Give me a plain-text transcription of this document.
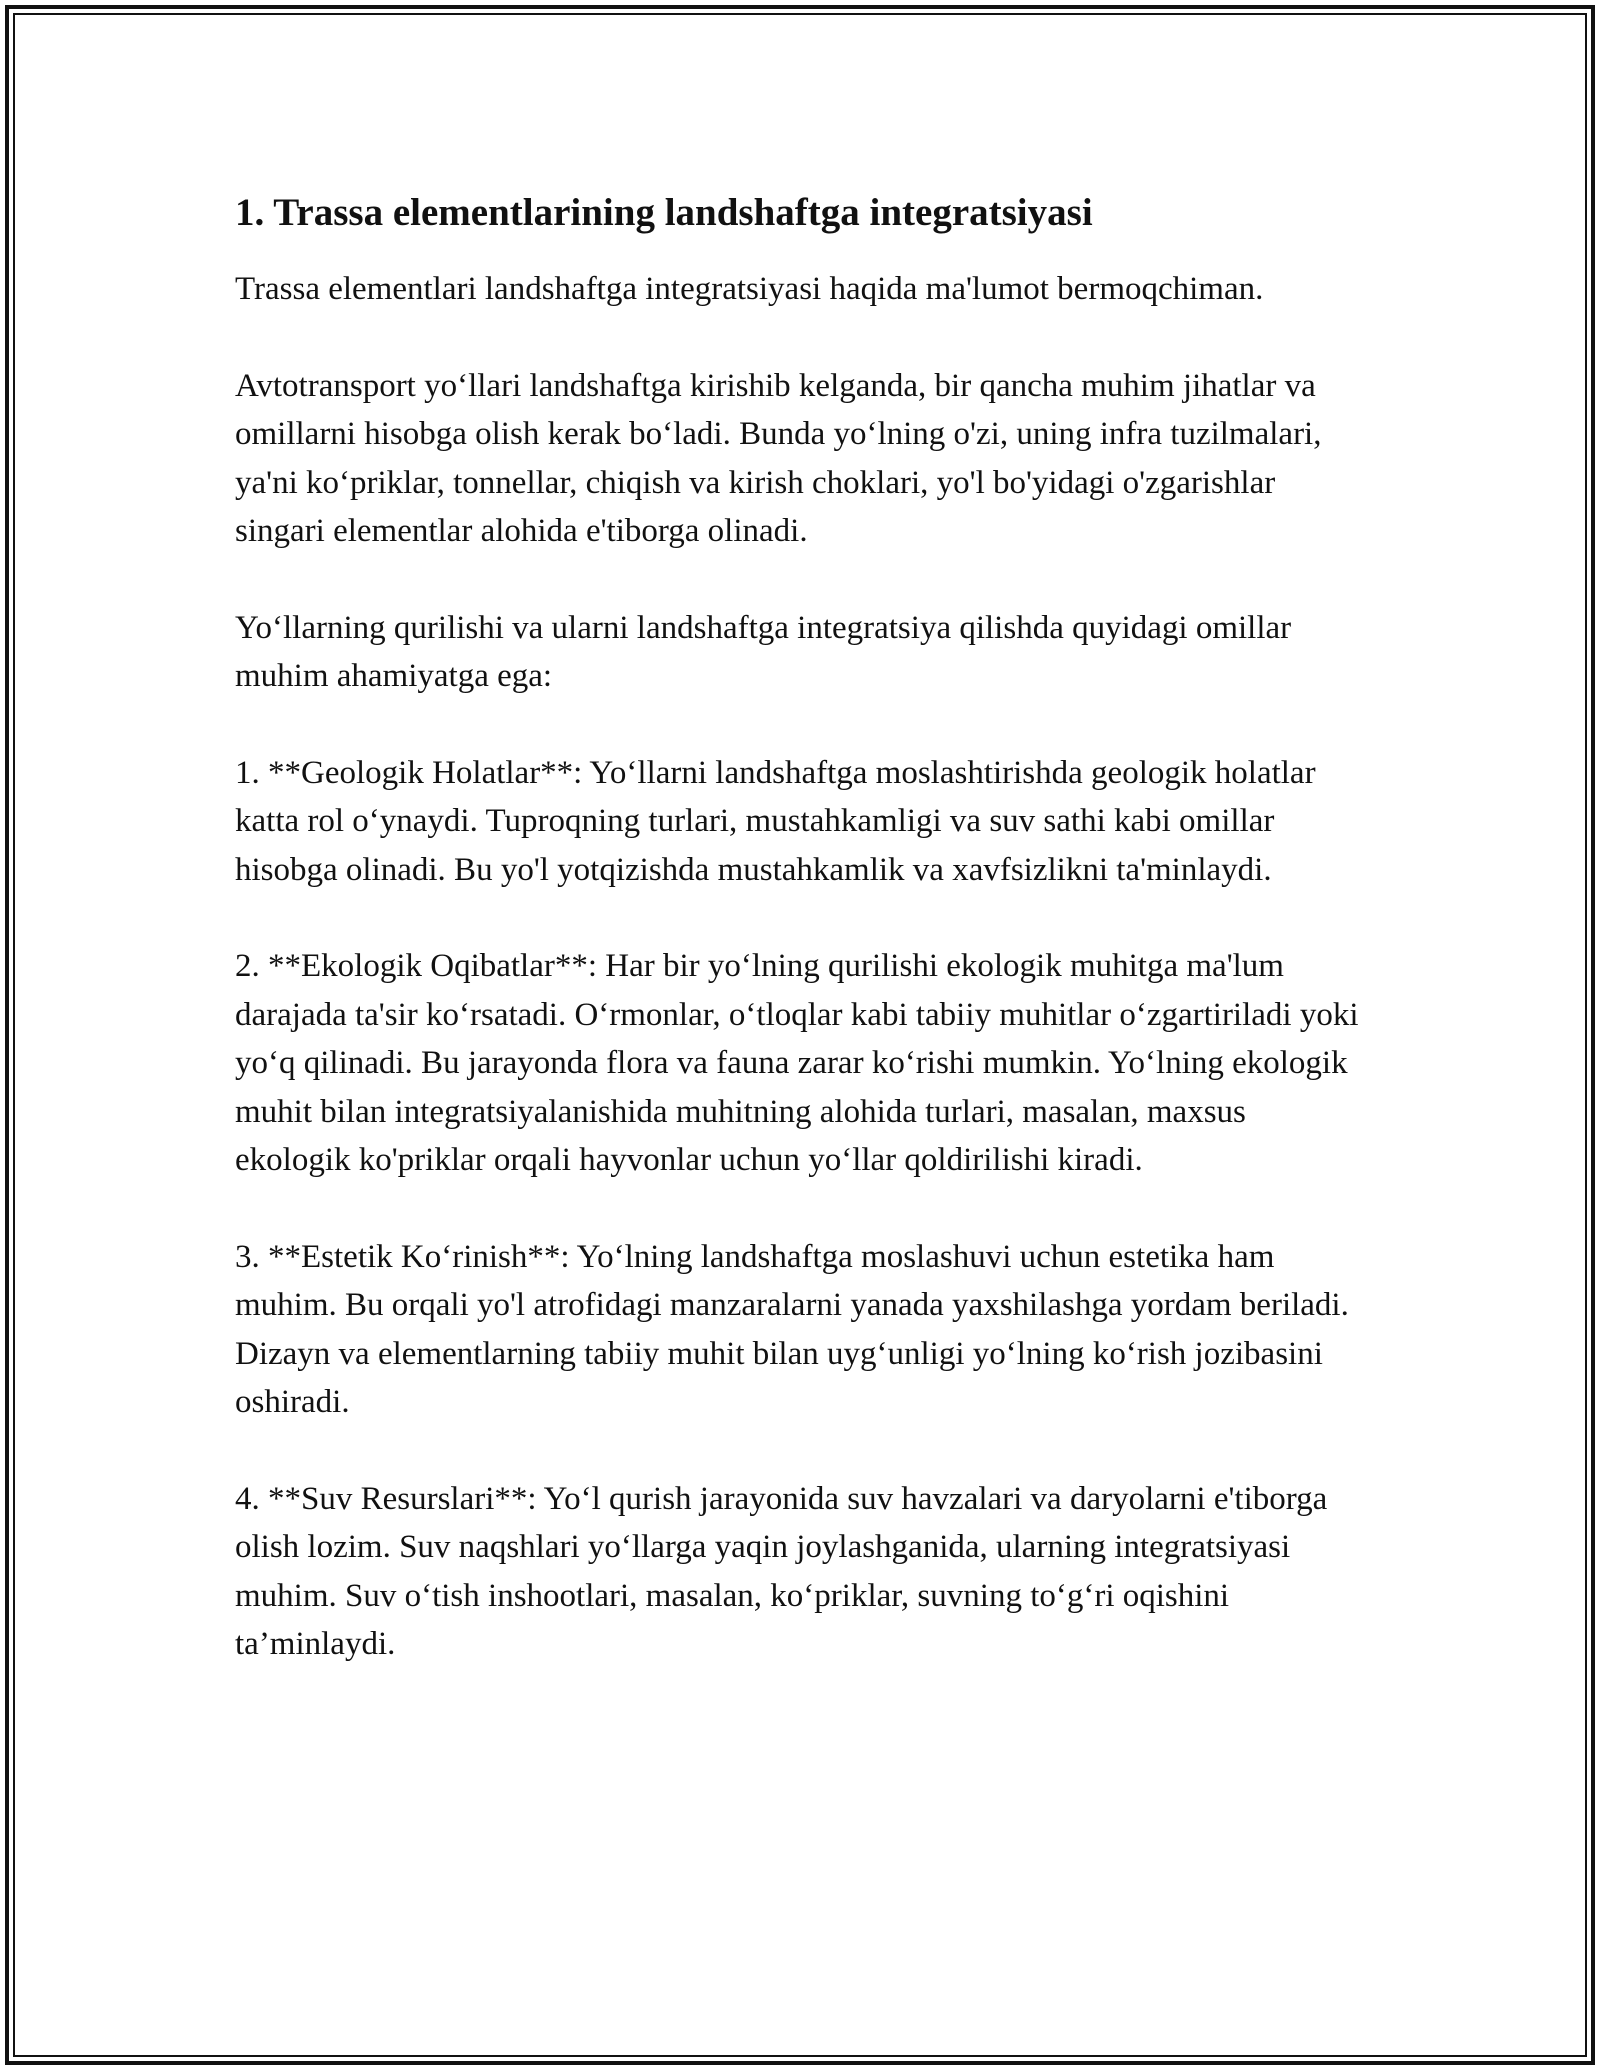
1. Trassa elementlarining landshaftga integratsiyasi

Trassa elementlari landshaftga integratsiyasi haqida ma'lumot bermoqchiman.

Avtotransport yo‘llari landshaftga kirishib kelganda, bir qancha muhim jihatlar va omillarni hisobga olish kerak bo‘ladi. Bunda yo‘lning o'zi, uning infra tuzilmalari, ya'ni ko‘priklar, tonnellar, chiqish va kirish choklari, yo'l bo'yidagi o'zgarishlar singari elementlar alohida e'tiborga olinadi.

Yo‘llarning qurilishi va ularni landshaftga integratsiya qilishda quyidagi omillar muhim ahamiyatga ega:

1. **Geologik Holatlar**: Yo‘llarni landshaftga moslashtirishda geologik holatlar katta rol o‘ynaydi. Tuproqning turlari, mustahkamligi va suv sathi kabi omillar hisobga olinadi. Bu yo'l yotqizishda mustahkamlik va xavfsizlikni ta'minlaydi.

2. **Ekologik Oqibatlar**: Har bir yo‘lning qurilishi ekologik muhitga ma'lum darajada ta'sir ko‘rsatadi. O‘rmonlar, o‘tloqlar kabi tabiiy muhitlar o‘zgartiriladi yoki yo‘q qilinadi. Bu jarayonda flora va fauna zarar ko‘rishi mumkin. Yo‘lning ekologik muhit bilan integratsiyalanishida muhitning alohida turlari, masalan, maxsus ekologik ko'priklar orqali hayvonlar uchun yo‘llar qoldirilishi kiradi.

3. **Estetik Ko‘rinish**: Yo‘lning landshaftga moslashuvi uchun estetika ham muhim. Bu orqali yo'l atrofidagi manzaralarni yanada yaxshilashga yordam beriladi. Dizayn va elementlarning tabiiy muhit bilan uyg‘unligi yo‘lning ko‘rish jozibasini oshiradi.

4. **Suv Resurslari**: Yo‘l qurish jarayonida suv havzalari va daryolarni e'tiborga olish lozim. Suv naqshlari yo‘llarga yaqin joylashganida, ularning integratsiyasi muhim. Suv o‘tish inshootlari, masalan, ko‘priklar, suvning to‘g‘ri oqishini ta’minlaydi.
